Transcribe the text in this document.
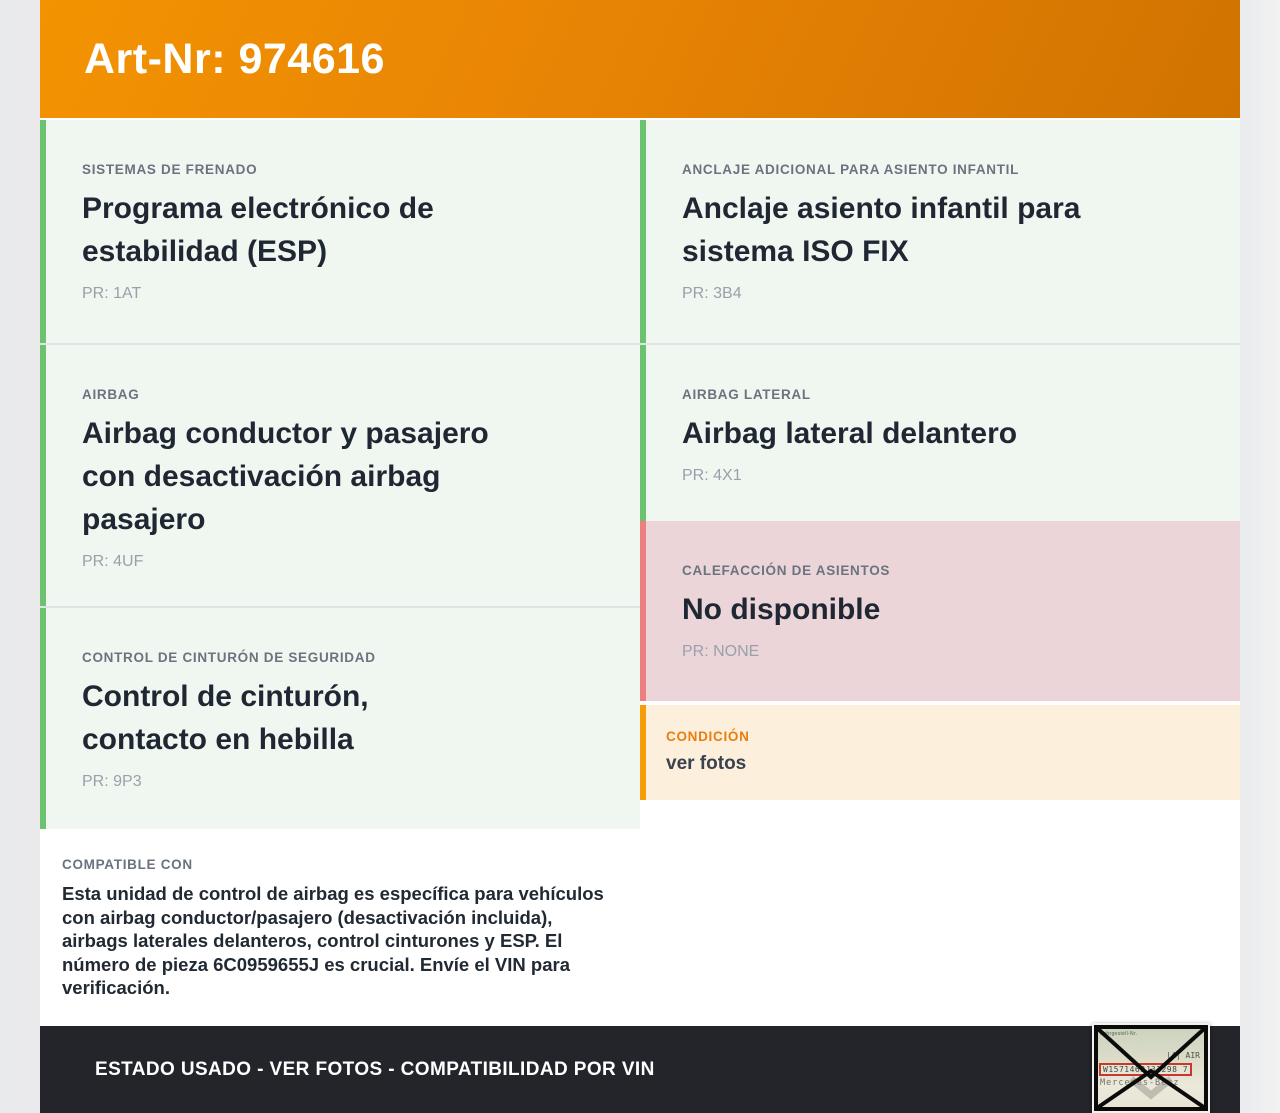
Art-Nr: 974616
SISTEMAS DE FRENADO
Programa electrónico de
estabilidad (ESP)
PR: 1AT
AIRBAG
Airbag conductor y pasajero
con desactivación airbag
pasajero
PR: 4UF
CONTROL DE CINTURÓN DE SEGURIDAD
Control de cinturón,
contacto en hebilla
PR: 9P3
COMPATIBLE CON
Esta unidad de control de airbag es específica para vehículos con airbag conductor/pasajero (desactivación incluida), airbags laterales delanteros, control cinturones y ESP. El número de pieza 6C0959655J es crucial. Envíe el VIN para verificación.
ANCLAJE ADICIONAL PARA ASIENTO INFANTIL
Anclaje asiento infantil para
sistema ISO FIX
PR: 3B4
AIRBAG LATERAL
Airbag lateral delantero
PR: 4X1
CALEFACCIÓN DE ASIENTOS
No disponible
PR: NONE
CONDICIÓN
ver fotos
ESTADO USADO - VER FOTOS - COMPATIBILIDAD POR VIN
Fahrgestell-Nr.
|4| AIR
W1571463J31298 7
Mercedes-Benz
